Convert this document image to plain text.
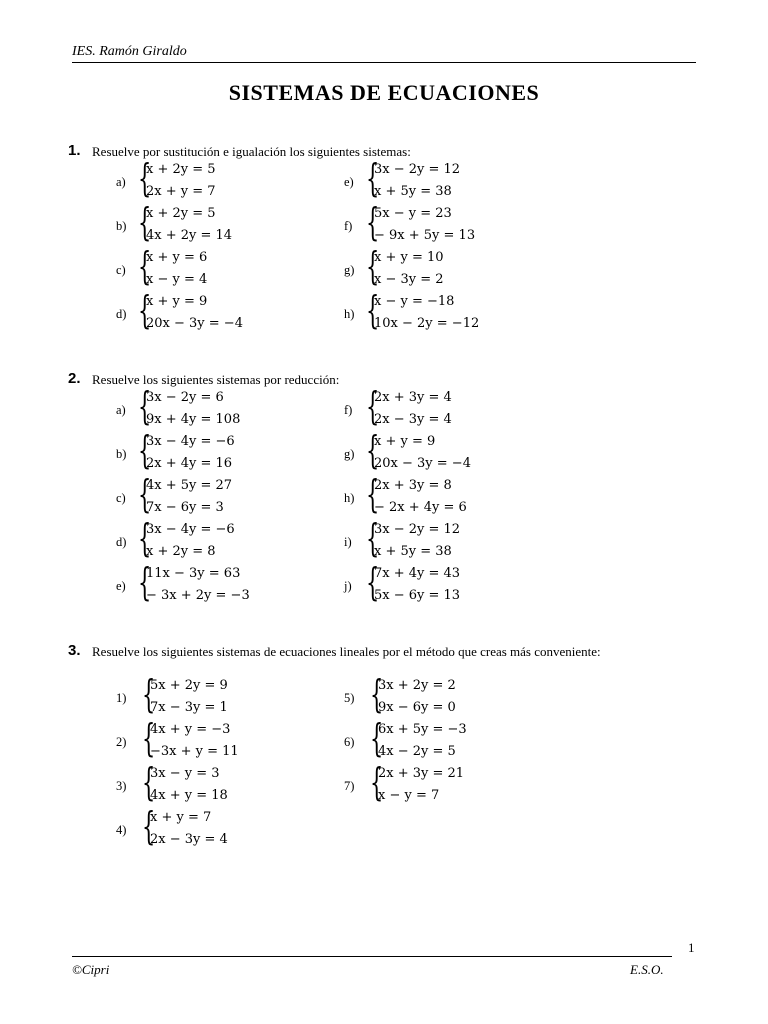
IES. Ramón Giraldo
SISTEMAS DE ECUACIONES
1. Resuelve por sustitución e igualación los siguientes sistemas:
a) {
x + 2y = 5
2x + y = 7
b) {
x + 2y = 5
4x + 2y = 14
c) {
x + y = 6
x − y = 4
d) {
x + y = 9
20x − 3y = −4
e) {
3x − 2y = 12
x + 5y = 38
f) {
5x − y = 23
− 9x + 5y = 13
g) {
x + y = 10
x − 3y = 2
h) {
x − y = −18
10x − 2y = −12
2. Resuelve los siguientes sistemas por reducción:
a) {
3x − 2y = 6
9x + 4y = 108
b) {
3x − 4y = −6
2x + 4y = 16
c) {
4x + 5y = 27
7x − 6y = 3
d) {
3x − 4y = −6
x + 2y = 8
e) {
11x − 3y = 63
− 3x + 2y = −3
f) {
2x + 3y = 4
2x − 3y = 4
g) {
x + y = 9
20x − 3y = −4
h) {
2x + 3y = 8
− 2x + 4y = 6
i) {
3x − 2y = 12
x + 5y = 38
j) {
7x + 4y = 43
5x − 6y = 13
3. Resuelve los siguientes sistemas de ecuaciones lineales por el método que creas más conveniente:
1) {
5x + 2y = 9
7x − 3y = 1
2) {
4x + y = −3
−3x + y = 11
3) {
3x − y = 3
4x + y = 18
4) {
x + y = 7
2x − 3y = 4
5) {
3x + 2y = 2
9x − 6y = 0
6) {
6x + 5y = −3
4x − 2y = 5
7) {
2x + 3y = 21
x − y = 7
1
©Cipri	E.S.O.
